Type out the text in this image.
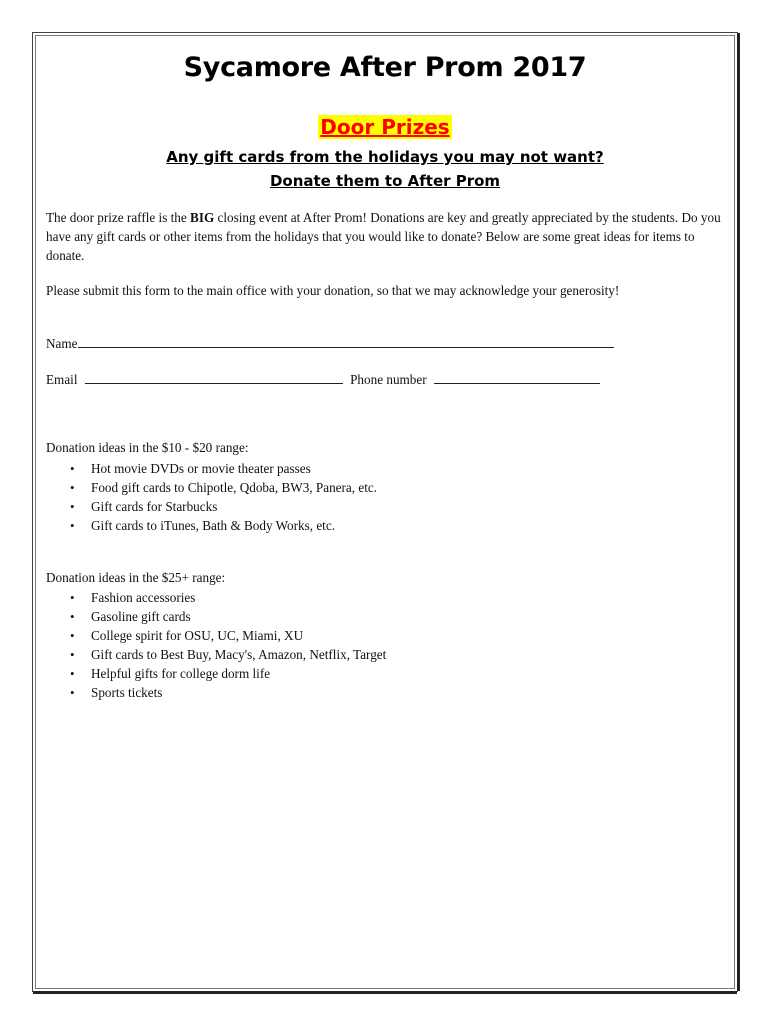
Sycamore After Prom 2017
Door Prizes
Any gift cards from the holidays you may not want?
Donate them to After Prom
The door prize raffle is the BIG closing event at After Prom! Donations are key and greatly appreciated by the students. Do you have any gift cards or other items from the holidays that you would like to donate? Below are some great ideas for items to donate.
Please submit this form to the main office with your donation, so that we may acknowledge your generosity!
Name
Email	Phone number
Donation ideas in the $10 - $20 range:
• Hot movie DVDs or movie theater passes
• Food gift cards to Chipotle, Qdoba, BW3, Panera, etc.
• Gift cards for Starbucks
• Gift cards to iTunes, Bath & Body Works, etc.
Donation ideas in the $25+ range:
• Fashion accessories
• Gasoline gift cards
• College spirit for OSU, UC, Miami, XU
• Gift cards to Best Buy, Macy's, Amazon, Netflix, Target
• Helpful gifts for college dorm life
• Sports tickets
